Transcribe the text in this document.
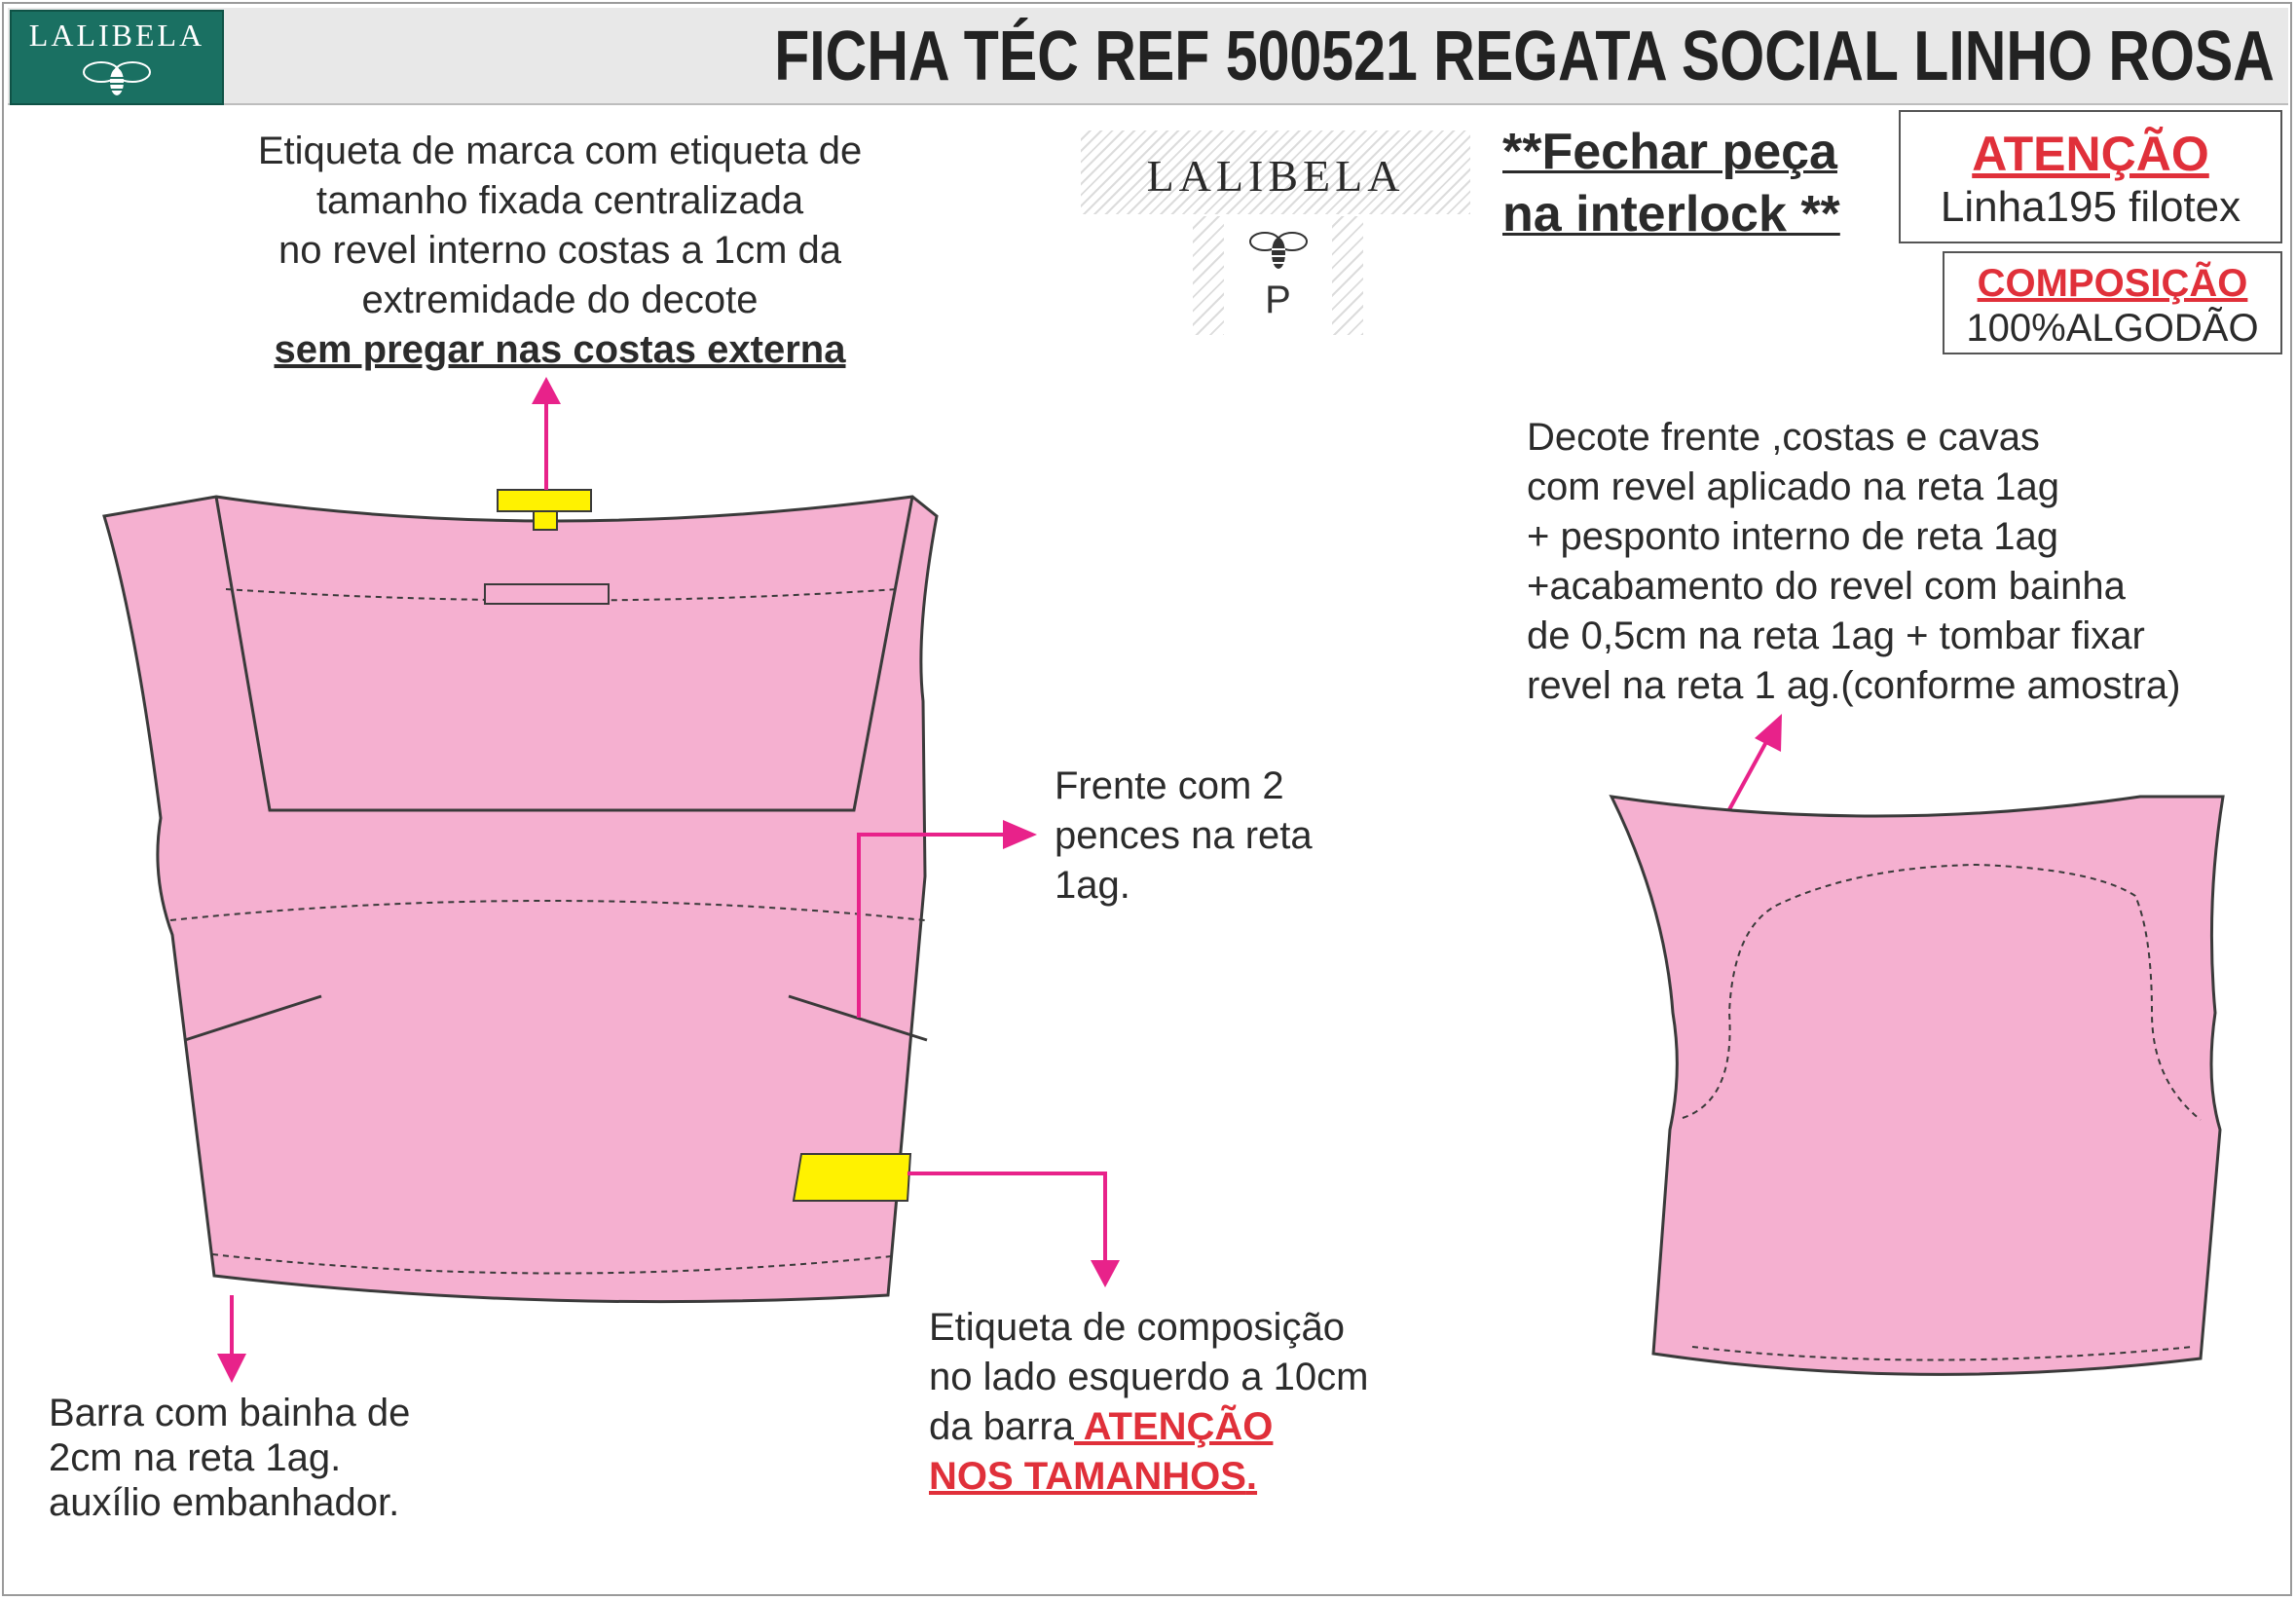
LALIBELA	FICHA TÉC REF 500521 REGATA SOCIAL LINHO ROSA
LALIBELA
P
**Fechar peça
na interlock **
ATENÇÃO
Linha195 filotex
COMPOSIÇÃO
100%ALGODÃO
Etiqueta de marca com etiqueta de
tamanho fixada centralizada
no revel interno costas a 1cm da
extremidade do decote
sem pregar nas costas externa
Decote frente ,costas e cavas
com revel aplicado na reta 1ag
+ pesponto interno de reta 1ag
+acabamento do revel com bainha
de 0,5cm na reta 1ag + tombar fixar
revel na reta 1 ag.(conforme amostra)
Frente com 2
pences na reta
1ag.
Etiqueta de composição
no lado esquerdo a 10cm
da barra ATENÇÃO
NOS TAMANHOS.
Barra com bainha de
2cm na reta 1ag.
auxílio embanhador.
